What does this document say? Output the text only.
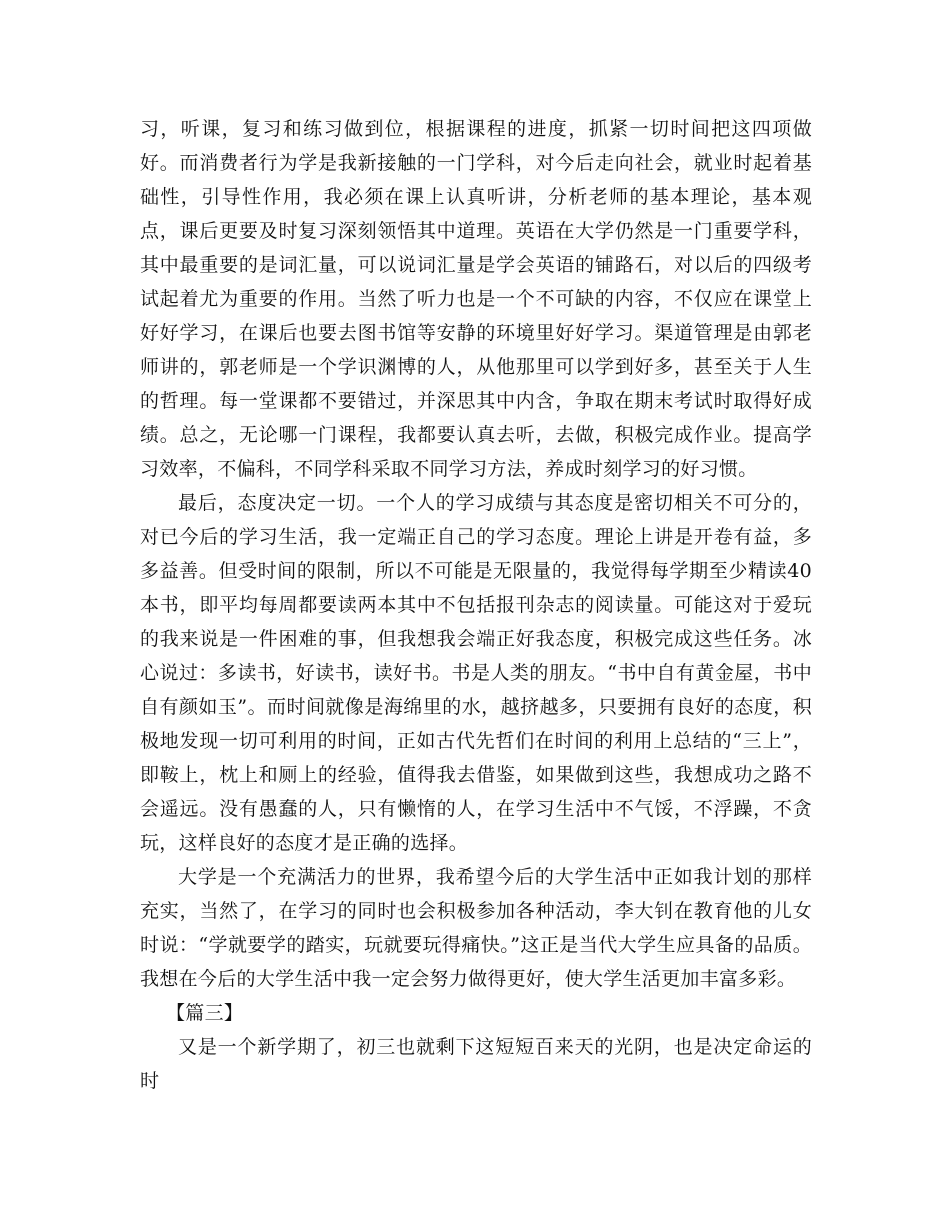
习，听课，复习和练习做到位，根据课程的进度，抓紧一切时间把这四项做好。而消费者行为学是我新接触的一门学科，对今后走向社会，就业时起着基础性，引导性作用，我必须在课上认真听讲，分析老师的基本理论，基本观点，课后更要及时复习深刻领悟其中道理。英语在大学仍然是一门重要学科，其中最重要的是词汇量，可以说词汇量是学会英语的铺路石，对以后的四级考试起着尤为重要的作用。当然了听力也是一个不可缺的内容，不仅应在课堂上好好学习，在课后也要去图书馆等安静的环境里好好学习。渠道管理是由郭老师讲的，郭老师是一个学识渊博的人，从他那里可以学到好多，甚至关于人生的哲理。每一堂课都不要错过，并深思其中内含，争取在期末考试时取得好成绩。总之，无论哪一门课程，我都要认真去听，去做，积极完成作业。提高学习效率，不偏科，不同学科采取不同学习方法，养成时刻学习的好习惯。

最后，态度决定一切。一个人的学习成绩与其态度是密切相关不可分的，对已今后的学习生活，我一定端正自己的学习态度。理论上讲是开卷有益，多多益善。但受时间的限制，所以不可能是无限量的，我觉得每学期至少精读40本书，即平均每周都要读两本其中不包括报刊杂志的阅读量。可能这对于爱玩的我来说是一件困难的事，但我想我会端正好我态度，积极完成这些任务。冰心说过：多读书，好读书，读好书。书是人类的朋友。“书中自有黄金屋，书中自有颜如玉”。而时间就像是海绵里的水，越挤越多，只要拥有良好的态度，积极地发现一切可利用的时间，正如古代先哲们在时间的利用上总结的“三上”，即鞍上，枕上和厕上的经验，值得我去借鉴，如果做到这些，我想成功之路不会遥远。没有愚蠢的人，只有懒惰的人，在学习生活中不气馁，不浮躁，不贪玩，这样良好的态度才是正确的选择。

大学是一个充满活力的世界，我希望今后的大学生活中正如我计划的那样充实，当然了，在学习的同时也会积极参加各种活动，李大钊在教育他的儿女时说：“学就要学的踏实，玩就要玩得痛快。”这正是当代大学生应具备的品质。我想在今后的大学生活中我一定会努力做得更好，使大学生活更加丰富多彩。

【篇三】

又是一个新学期了，初三也就剩下这短短百来天的光阴，也是决定命运的时
